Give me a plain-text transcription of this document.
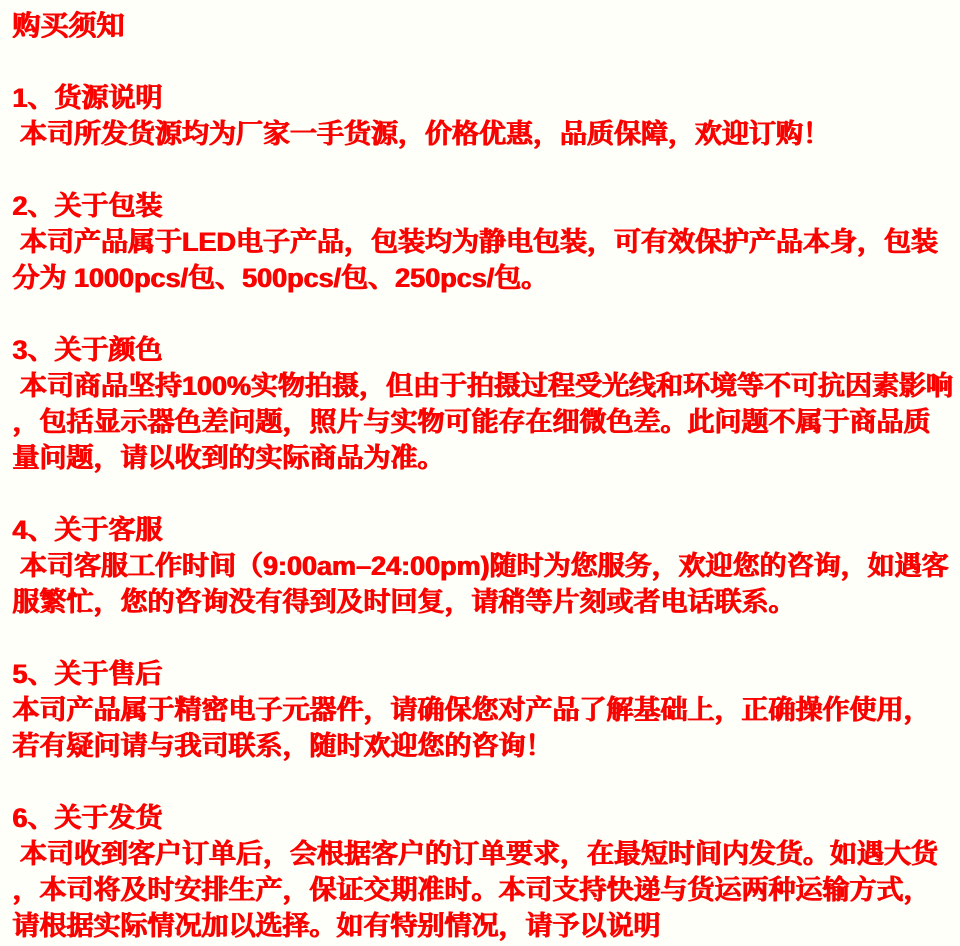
购买须知
1、货源说明
本司所发货源均为厂家一手货源，价格优惠，品质保障，欢迎订购！
2、关于包装
本司产品属于LED电子产品，包装均为静电包装，可有效保护产品本身，包装
分为 1000pcs/包、500pcs/包、250pcs/包。
3、关于颜色
本司商品坚持100%实物拍摄，但由于拍摄过程受光线和环境等不可抗因素影响
，包括显示器色差问题，照片与实物可能存在细微色差。此问题不属于商品质
量问题，请以收到的实际商品为准。
4、关于客服
本司客服工作时间（9:00am–24:00pm)随时为您服务，欢迎您的咨询，如遇客
服繁忙，您的咨询没有得到及时回复，请稍等片刻或者电话联系。
5、关于售后
本司产品属于精密电子元器件，请确保您对产品了解基础上，正确操作使用，
若有疑问请与我司联系，随时欢迎您的咨询！
6、关于发货
本司收到客户订单后，会根据客户的订单要求，在最短时间内发货。如遇大货
，本司将及时安排生产，保证交期准时。本司支持快递与货运两种运输方式，
请根据实际情况加以选择。如有特别情况，请予以说明
